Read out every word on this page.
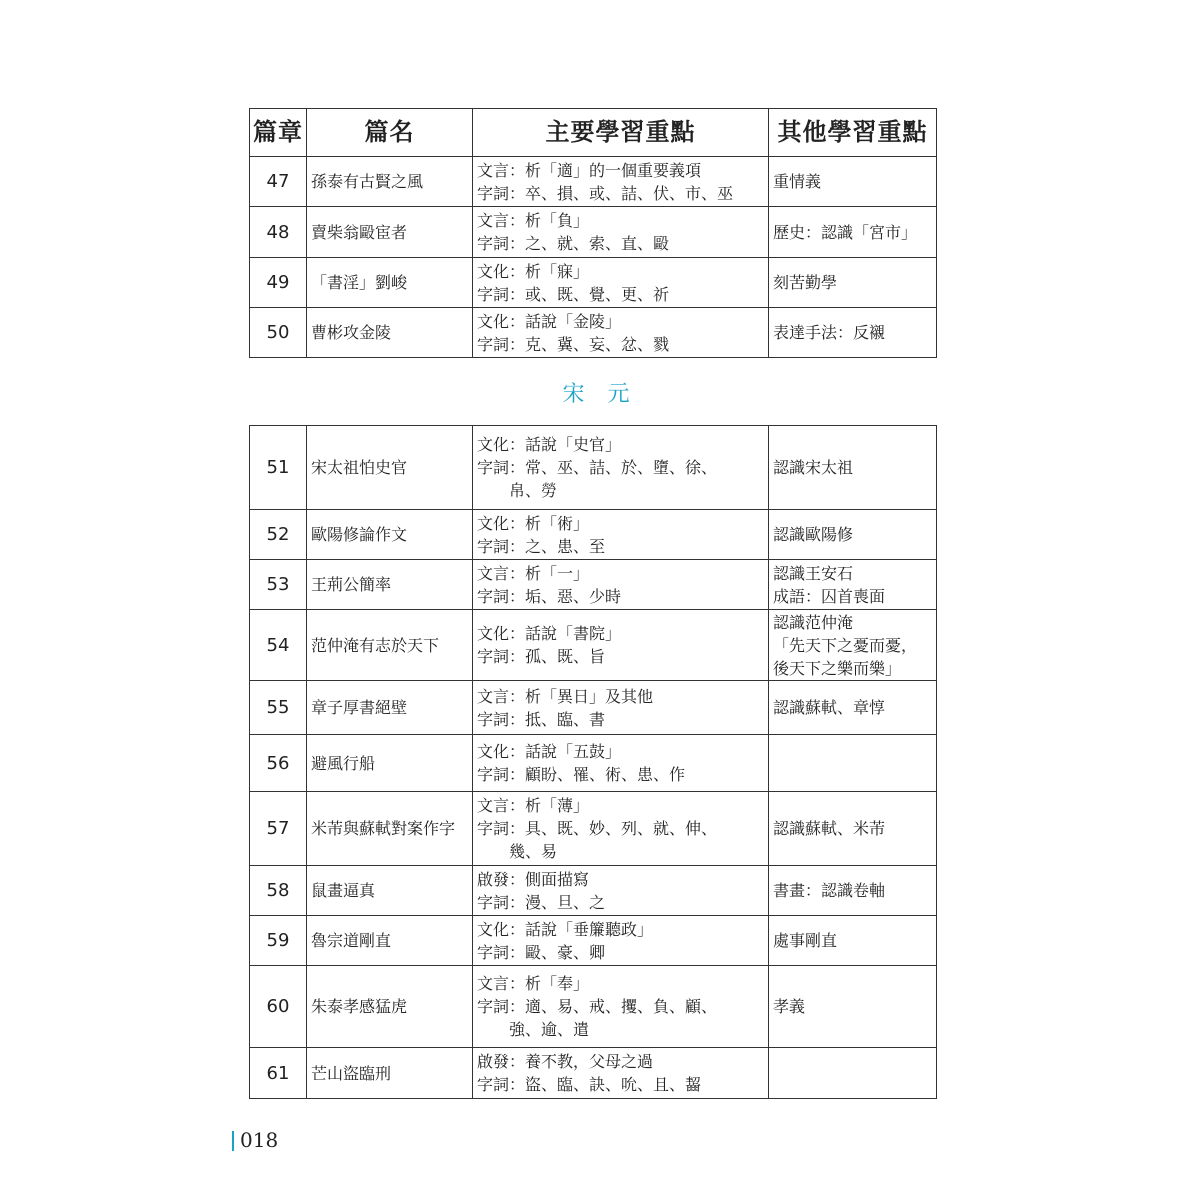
篇章	篇名	主要學習重點	其他學習重點
47	孫泰有古賢之風	文言：析「適」的一個重要義項
字詞：卒、損、或、詰、伏、市、巫	重情義

48	賣柴翁毆宦者	文言：析「負」
字詞：之、就、索、直、毆	歷史：認識「宮市」

49	「書淫」劉峻	文化：析「寐」
字詞：或、既、覺、更、祈	刻苦勤學

50	曹彬攻金陵	文化：話說「金陵」
字詞：克、冀、妄、忿、戮	表達手法：反襯
宋 元
51	宋太祖怕史官	文化：話說「史官」
字詞：常、巫、詰、於、墮、徐、
帛、勞	認識宋太祖

52	歐陽修論作文	文化：析「術」
字詞：之、患、至	認識歐陽修

53	王荊公簡率	文言：析「一」
字詞：垢、惡、少時	認識王安石
成語：囚首喪面

54	范仲淹有志於天下	文化：話說「書院」
字詞：孤、既、旨	認識范仲淹
「先天下之憂而憂，
後天下之樂而樂」

55	章子厚書絕壁	文言：析「異日」及其他
字詞：抵、臨、書	認識蘇軾、章惇

56	避風行船	文化：話說「五鼓」
字詞：顧盼、罹、術、患、作	

57	米芾與蘇軾對案作字	文言：析「薄」
字詞：具、既、妙、列、就、伸、
幾、易	認識蘇軾、米芾

58	鼠畫逼真	啟發：側面描寫
字詞：漫、旦、之	書畫：認識卷軸

59	魯宗道剛直	文化：話說「垂簾聽政」
字詞：毆、豪、卿	處事剛直

60	朱泰孝感猛虎	文言：析「奉」
字詞：適、易、戒、攫、負、顧、
強、逾、遣	孝義

61	芒山盜臨刑	啟發：養不教，父母之過
字詞：盜、臨、訣、吮、且、齧	

018
